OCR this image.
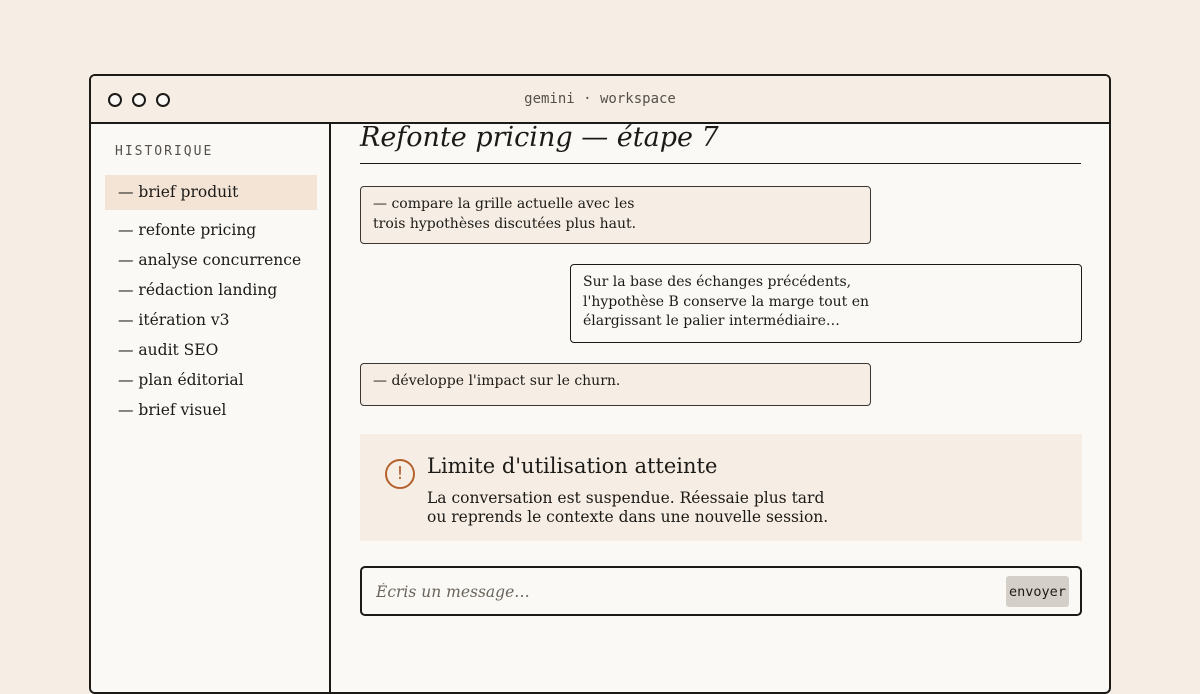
gemini · workspace
HISTORIQUE
— brief produit
— refonte pricing
— analyse concurrence
— rédaction landing
— itération v3
— audit SEO
— plan éditorial
— brief visuel
Refonte pricing — étape 7
— compare la grille actuelle avec les
trois hypothèses discutées plus haut.
Sur la base des échanges précédents,
l'hypothèse B conserve la marge tout en
élargissant le palier intermédiaire…
— développe l'impact sur le churn.
!	Limite d'utilisation atteinte
La conversation est suspendue. Réessaie plus tard
ou reprends le contexte dans une nouvelle session.
Écris un message…
envoyer
